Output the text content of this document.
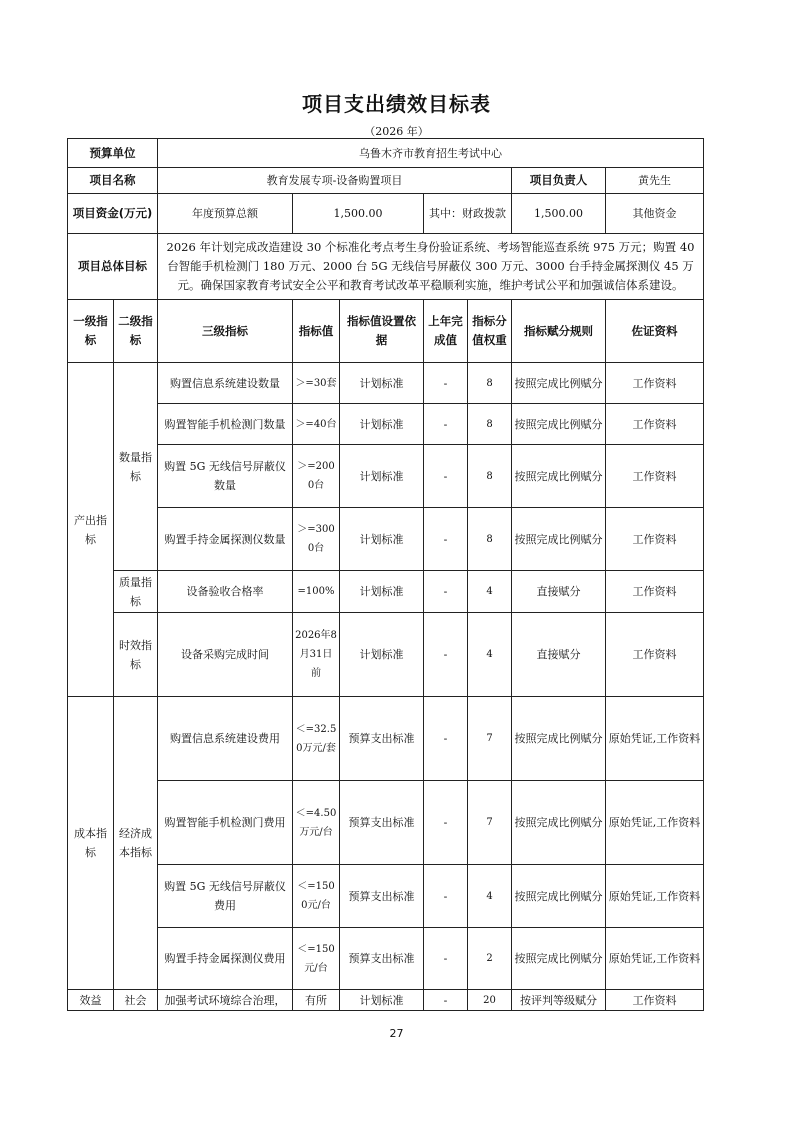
项目支出绩效目标表
（2026 年）
预算单位		乌鲁木齐市教育招生考试中心						
项目名称		教育发展专项-设备购置项目					项目负责人	黄先生
项目资金(万元)		年度预算总额	1,500.00		其中：财政拨款		1,500.00	其他资金
项目总体目标		2026 年计划完成改造建设 30 个标准化考点考生身份验证系统、考场智能巡查系统 975 万元；购置 40 台智能手机检测门 180 万元、2000 台 5G 无线信号屏蔽仪 300 万元、3000 台手持金属探测仪 45 万元。确保国家教育考试安全公平和教育考试改革平稳顺利实施，维护考试公平和加强诚信体系建设。						
一级指标	二级指标	三级指标	指标值	指标值设置依据	上年完成值	指标分值权重	指标赋分规则	佐证资料
产出指标	数量指标	购置信息系统建设数量	＞=30套	计划标准	-	8	按照完成比例赋分	工作资料
		购置智能手机检测门数量	＞=40台	计划标准	-	8	按照完成比例赋分	工作资料
		购置 5G 无线信号屏蔽仪数量	＞=2000台	计划标准	-	8	按照完成比例赋分	工作资料
		购置手持金属探测仪数量	＞=3000台	计划标准	-	8	按照完成比例赋分	工作资料
	质量指标	设备验收合格率	=100%	计划标准	-	4	直接赋分	工作资料
	时效指标	设备采购完成时间	2026年8月31日前	计划标准	-	4	直接赋分	工作资料
成本指标	经济成本指标	购置信息系统建设费用	＜=32.50万元/套	预算支出标准	-	7	按照完成比例赋分	原始凭证,工作资料
		购置智能手机检测门费用	＜=4.50万元/台	预算支出标准	-	7	按照完成比例赋分	原始凭证,工作资料
		购置 5G 无线信号屏蔽仪费用	＜=1500元/台	预算支出标准	-	4	按照完成比例赋分	原始凭证,工作资料
		购置手持金属探测仪费用	＜=150元/台	预算支出标准	-	2	按照完成比例赋分	原始凭证,工作资料
效益	社会	加强考试环境综合治理，	有所	计划标准	-	20	按评判等级赋分	工作资料
27
